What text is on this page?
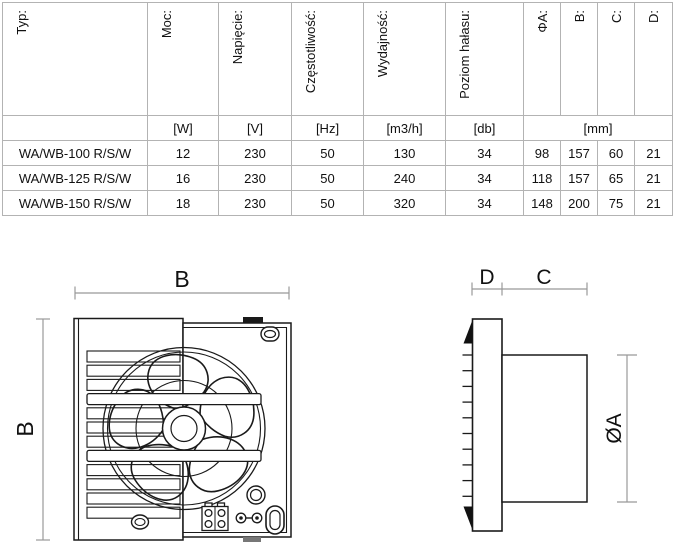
Typ:	Moc:	Napięcie:	Częstotliwość:	Wydajność:	Poziom hałasu:	ΦA:	B:	C:	D:
	[W]	[V]	[Hz]	[m3/h]	[db]	[mm]			
WA/WB-100 R/S/W	12	230	50	130	34	98	157	60	21
WA/WB-125 R/S/W	16	230	50	240	34	118	157	65	21
WA/WB-150 R/S/W	18	230	50	320	34	148	200	75	21
B
B
D C
ØA
